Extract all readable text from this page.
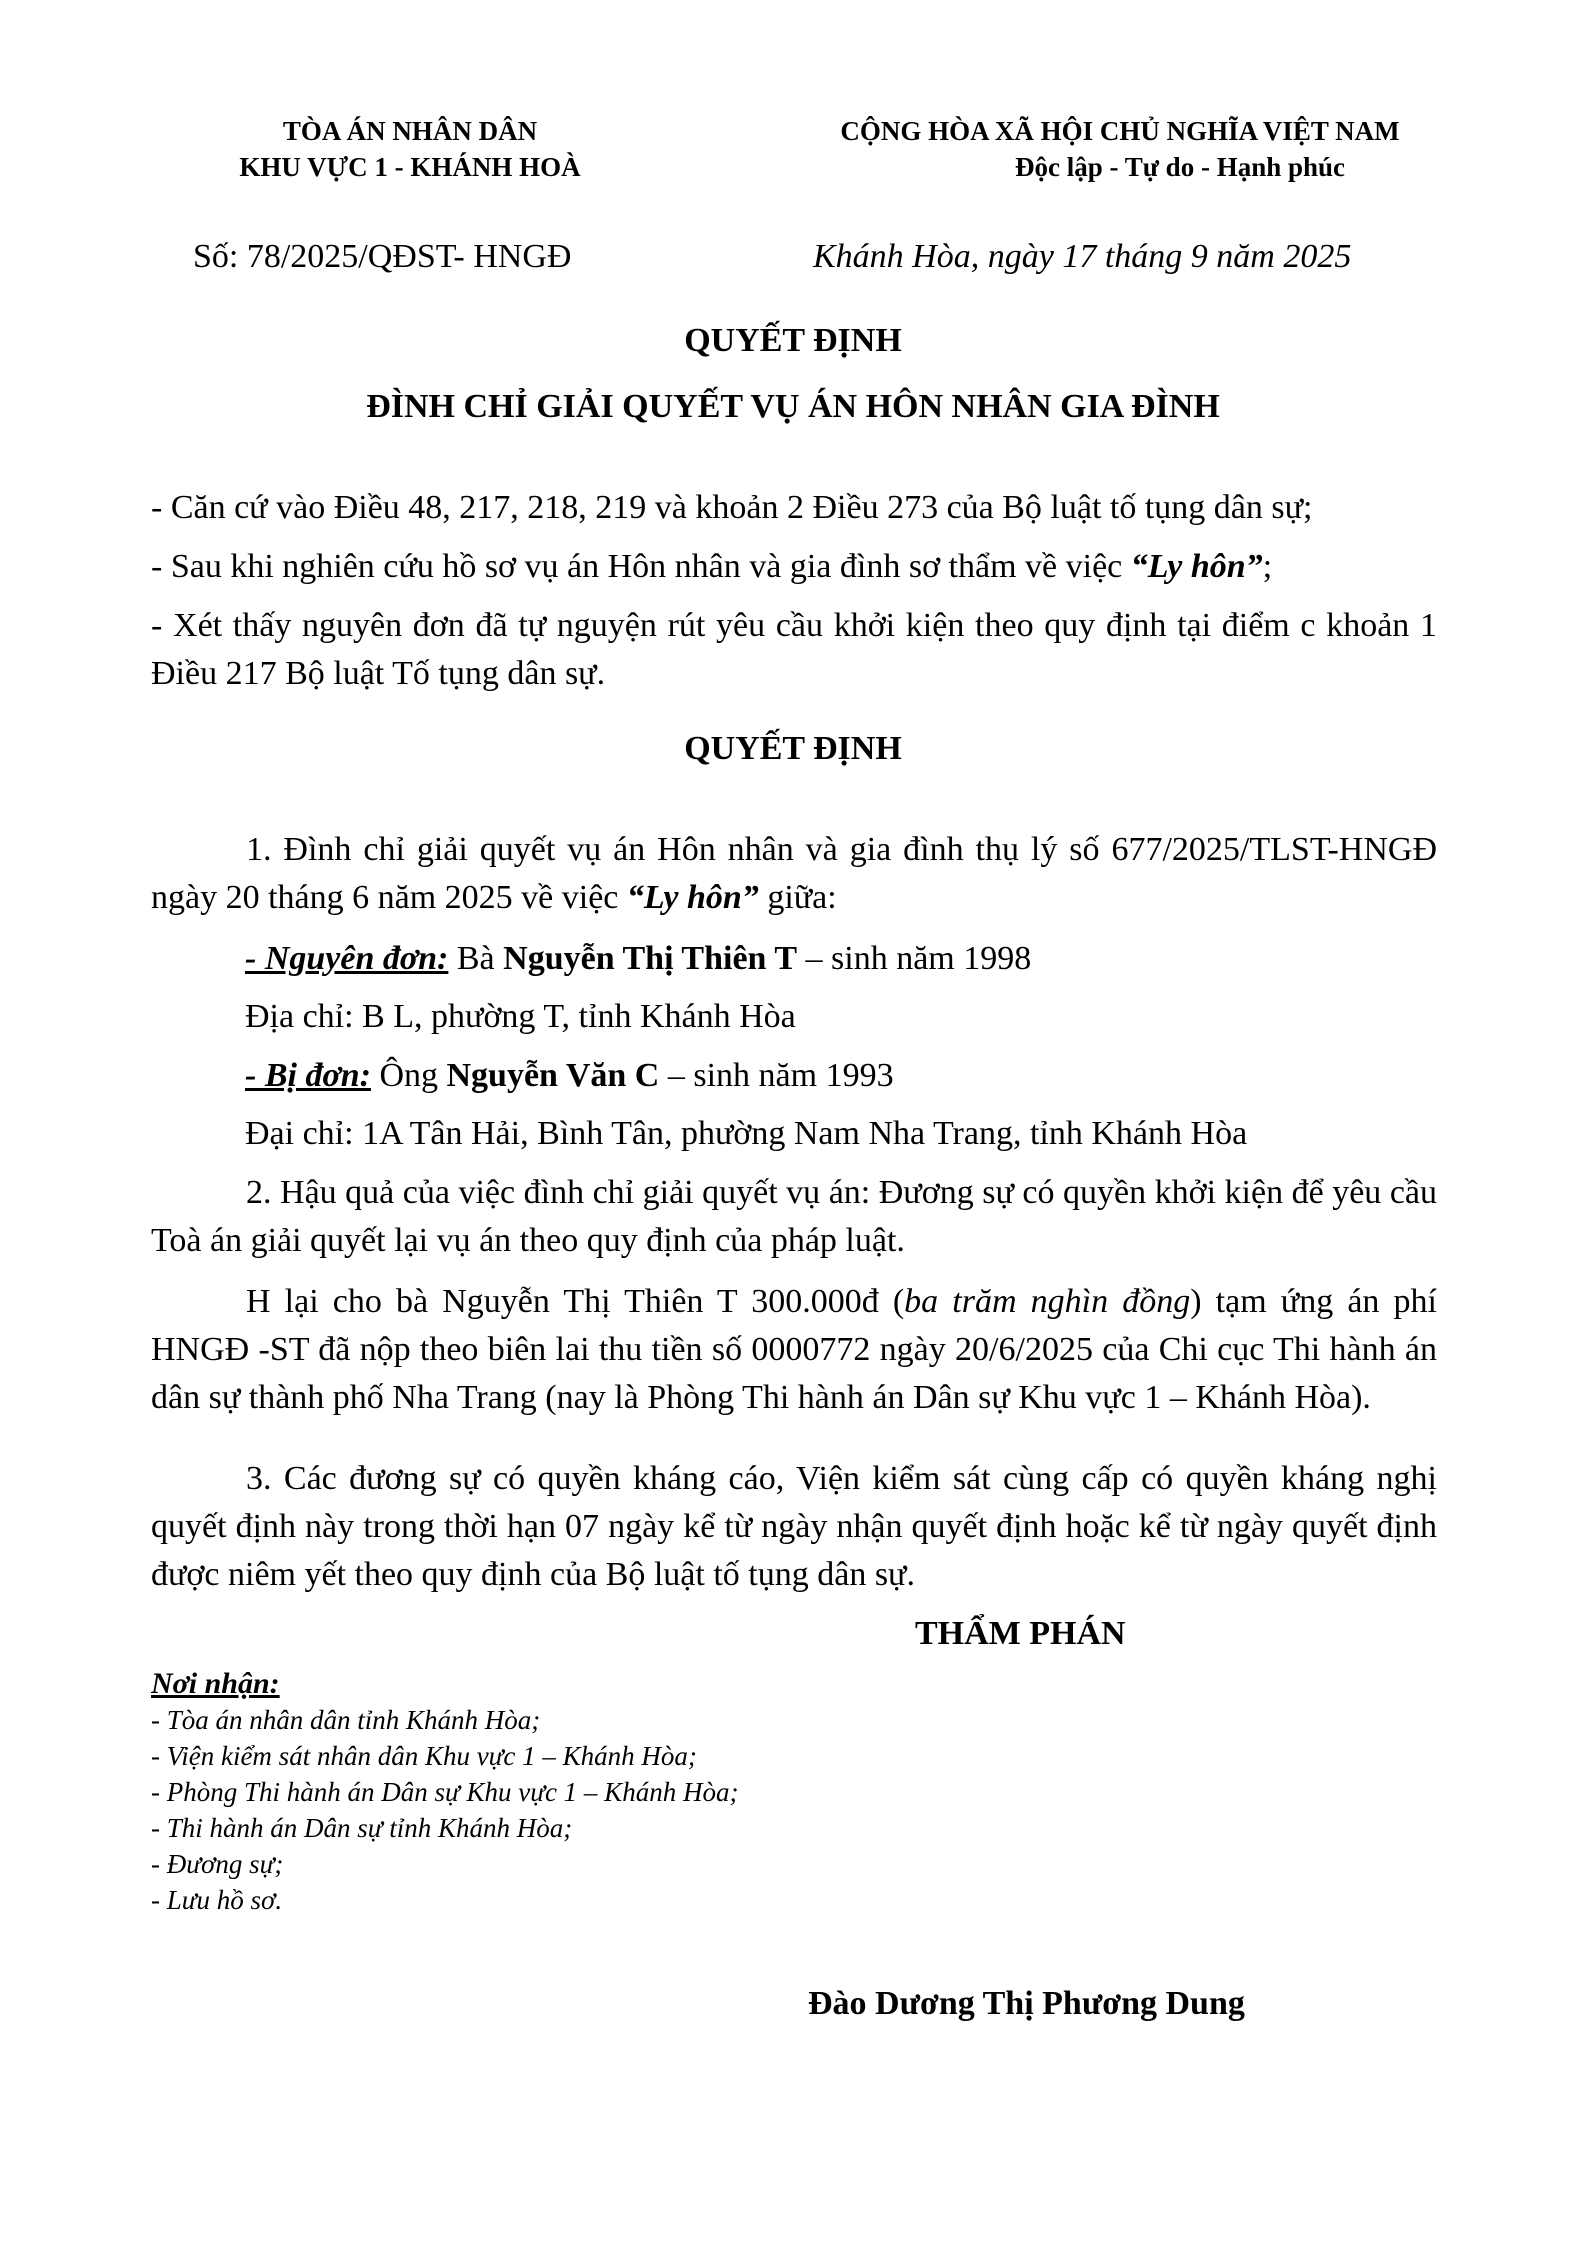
TÒA ÁN NHÂN DÂN
KHU VỰC 1 - KHÁNH HOÀ
CỘNG HÒA XÃ HỘI CHỦ NGHĨA VIỆT NAM
Độc lập - Tự do - Hạnh phúc
Số: 78/2025/QĐST- HNGĐ	Khánh Hòa, ngày 17 tháng 9 năm 2025
QUYẾT ĐỊNH
ĐÌNH CHỈ GIẢI QUYẾT VỤ ÁN HÔN NHÂN GIA ĐÌNH
- Căn cứ vào Điều 48, 217, 218, 219 và khoản 2 Điều 273 của Bộ luật tố tụng dân sự;
- Sau khi nghiên cứu hồ sơ vụ án Hôn nhân và gia đình sơ thẩm về việc “Ly hôn”;
- Xét thấy nguyên đơn đã tự nguyện rút yêu cầu khởi kiện theo quy định tại điểm c khoản 1 Điều 217 Bộ luật Tố tụng dân sự.
QUYẾT ĐỊNH
1. Đình chỉ giải quyết vụ án Hôn nhân và gia đình thụ lý số 677/2025/TLST-HNGĐ ngày 20 tháng 6 năm 2025 về việc “Ly hôn” giữa:
- Nguyên đơn: Bà Nguyễn Thị Thiên T – sinh năm 1998
Địa chỉ: B L, phường T, tỉnh Khánh Hòa
- Bị đơn: Ông Nguyễn Văn C – sinh năm 1993
Đại chỉ: 1A Tân Hải, Bình Tân, phường Nam Nha Trang, tỉnh Khánh Hòa
2. Hậu quả của việc đình chỉ giải quyết vụ án: Đương sự có quyền khởi kiện để yêu cầu Toà án giải quyết lại vụ án theo quy định của pháp luật.
H lại cho bà Nguyễn Thị Thiên T 300.000đ (ba trăm nghìn đồng) tạm ứng án phí HNGĐ -ST đã nộp theo biên lai thu tiền số 0000772 ngày 20/6/2025 của Chi cục Thi hành án dân sự thành phố Nha Trang (nay là Phòng Thi hành án Dân sự Khu vực 1 – Khánh Hòa).
3. Các đương sự có quyền kháng cáo, Viện kiểm sát cùng cấp có quyền kháng nghị quyết định này trong thời hạn 07 ngày kể từ ngày nhận quyết định hoặc kể từ ngày quyết định được niêm yết theo quy định của Bộ luật tố tụng dân sự.
THẨM PHÁN
Nơi nhận:
- Tòa án nhân dân tỉnh Khánh Hòa;
- Viện kiểm sát nhân dân Khu vực 1 – Khánh Hòa;
- Phòng Thi hành án Dân sự Khu vực 1 – Khánh Hòa;
- Thi hành án Dân sự tỉnh Khánh Hòa;
- Đương sự;
- Lưu hồ sơ.
Đào Dương Thị Phương Dung
